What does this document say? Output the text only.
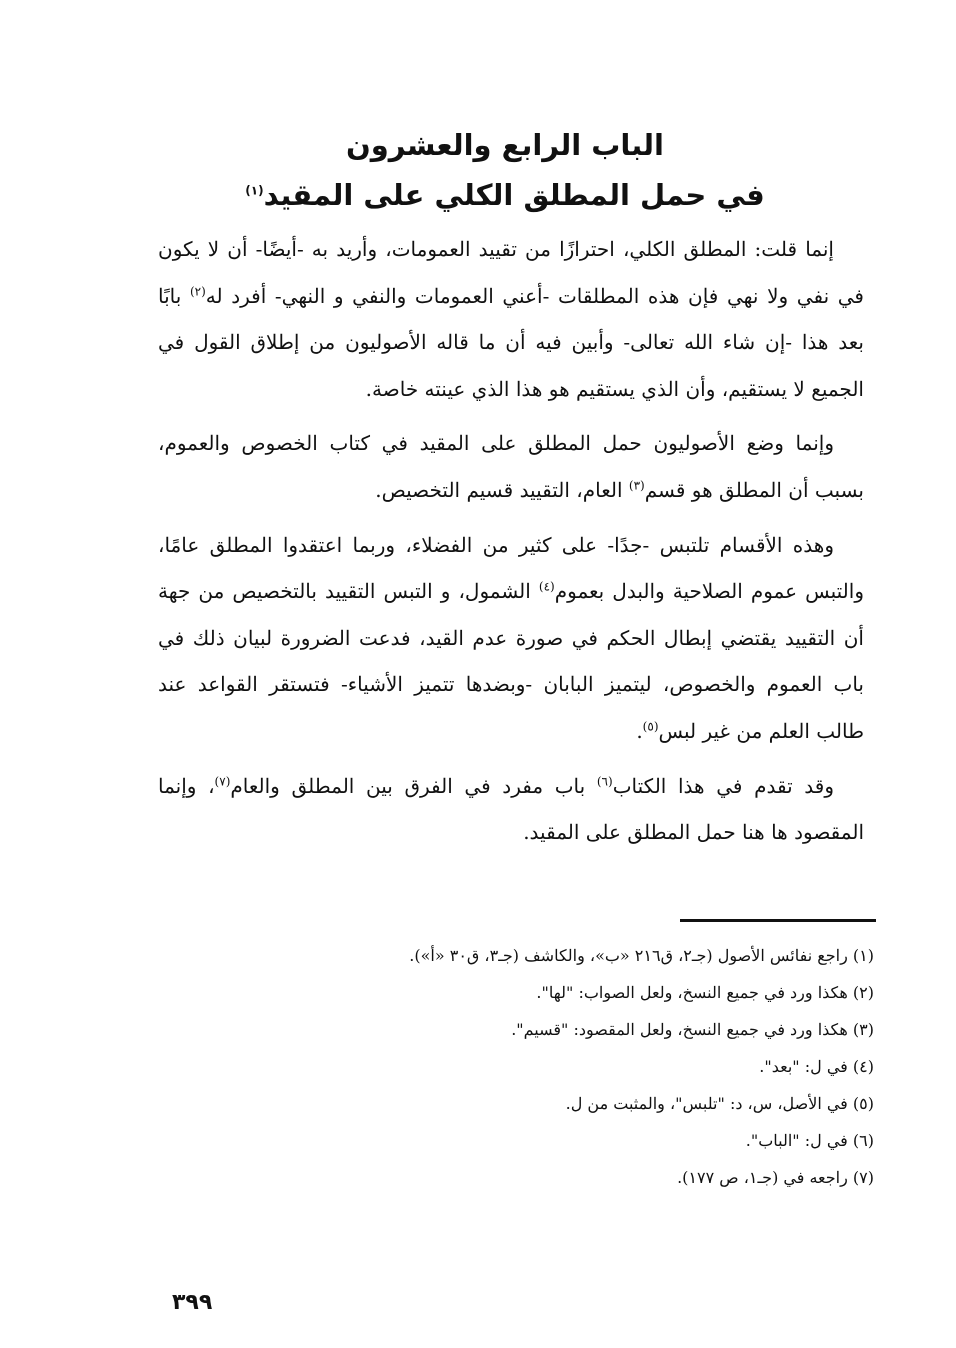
الباب الرابع والعشرون

في حمل المطلق الكلي على المقيد$^{(١)}$

إنما قلت: المطلق الكلي، احترازًا من تقييد العمومات، وأريد به -أيضًا- أن لا يكون في نفي ولا نهي فإن هذه المطلقات -أعني العمومات والنفي و النهي- أفرد له$^{(٢)}$ بابًا بعد هذا -إن شاء الله تعالى- وأبين فيه أن ما قاله الأصوليون من إطلاق القول في الجميع لا يستقيم، وأن الذي يستقيم هو هذا الذي عينته خاصة.

وإنما وضع الأصوليون حمل المطلق على المقيد في كتاب الخصوص والعموم، بسبب أن المطلق هو قسم$^{(٣)}$ العام، التقييد قسيم التخصيص.

وهذه الأقسام تلتبس -جدًا- على كثير من الفضلاء، وربما اعتقدوا المطلق عامًا، والتبس عموم الصلاحية والبدل بعموم$^{(٤)}$ الشمول، و التبس التقييد بالتخصيص من جهة أن التقييد يقتضي إبطال الحكم في صورة عدم القيد، فدعت الضرورة لبيان ذلك في باب العموم والخصوص، ليتميز البابان -وبضدها تتميز الأشياء- فتستقر القواعد عند طالب العلم من غير لبس$^{(٥)}$.

وقد تقدم في هذا الكتاب$^{(٦)}$ باب مفرد في الفرق بين المطلق والعام$^{(٧)}$، وإنما المقصود ها هنا حمل المطلق على المقيد.

(١) راجع نفائس الأصول (جـ٢، ق٢١٦ «ب»، والكاشف (جـ٣، ق٣٠ «أ»).
(٢) هكذا ورد في جميع النسخ، ولعل الصواب: "لها".
(٣) هكذا ورد في جميع النسخ، ولعل المقصود: "قسيم".
(٤) في ل: "بعد".
(٥) في الأصل، س، د: "تلبس"، والمثبت من ل.
(٦) في ل: "الباب".
(٧) راجعه في (جـ١، ص ١٧٧).
٣٩٩
